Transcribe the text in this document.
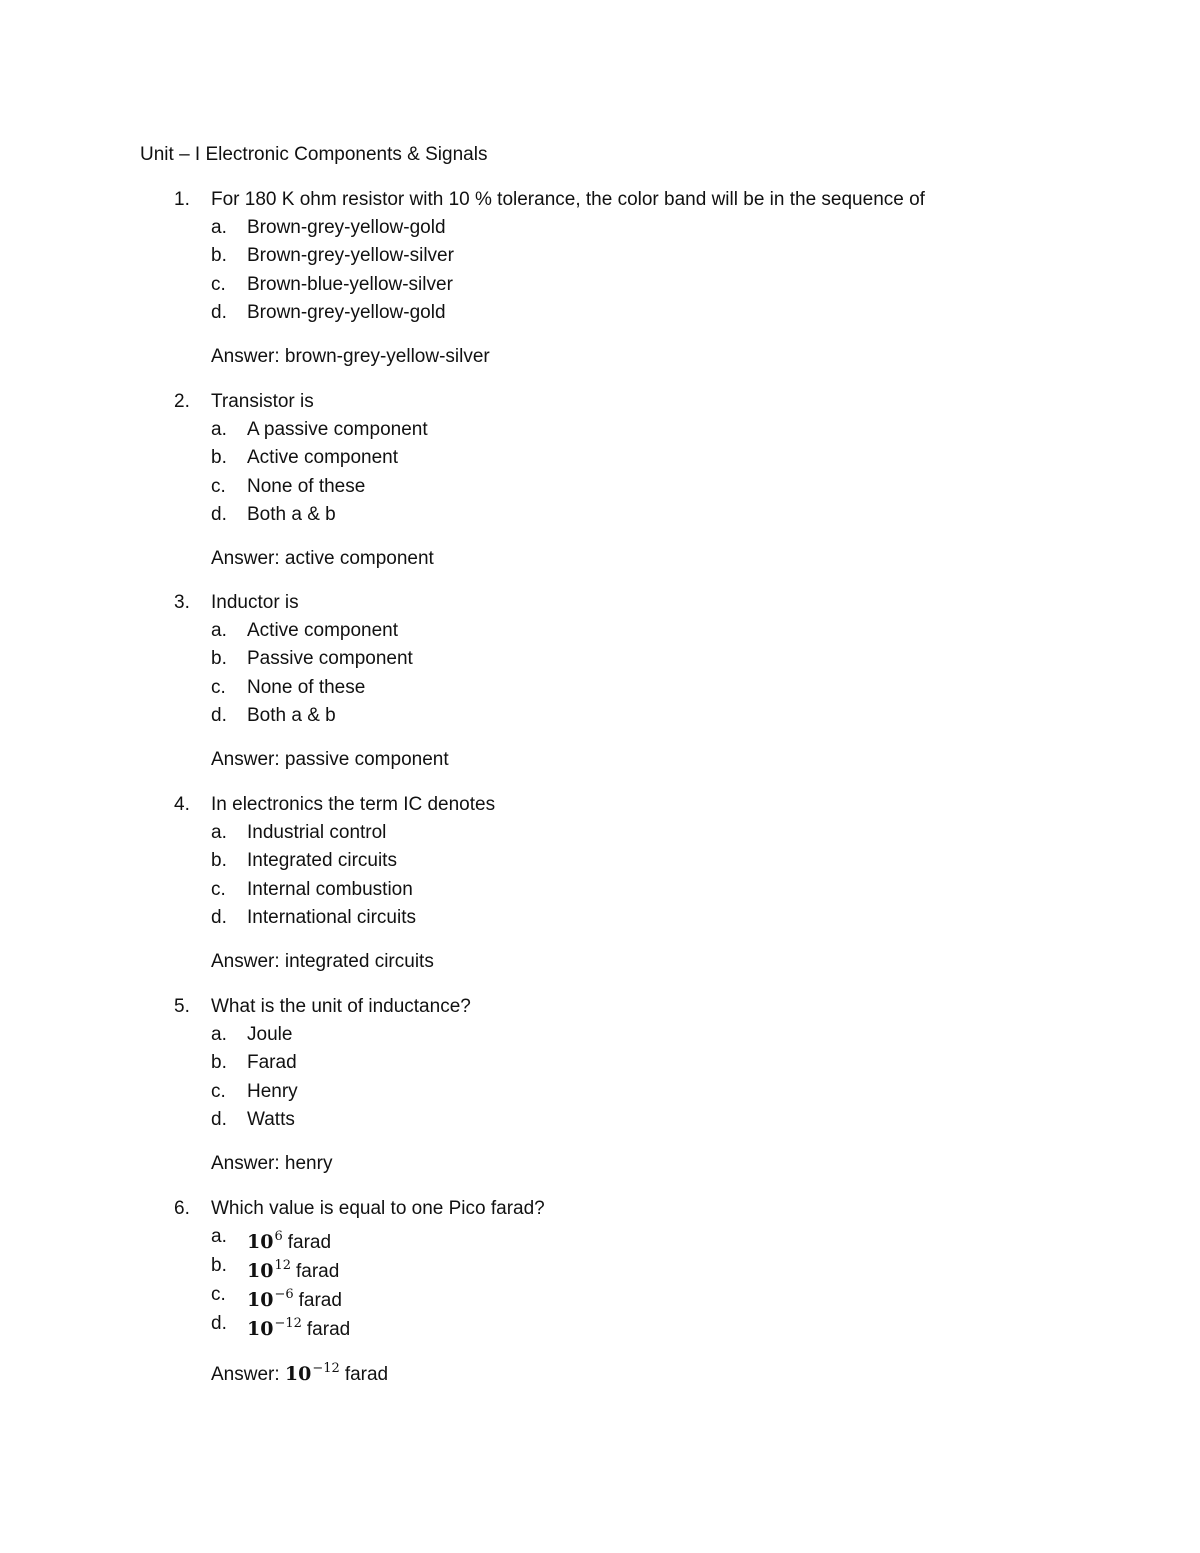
Unit – I Electronic Components & Signals
1. For 180 K ohm resistor with 10 % tolerance, the color band will be in the sequence of
a. Brown-grey-yellow-gold
b. Brown-grey-yellow-silver
c. Brown-blue-yellow-silver
d. Brown-grey-yellow-gold
Answer: brown-grey-yellow-silver
2. Transistor is
a. A passive component
b. Active component
c. None of these
d. Both a & b
Answer: active component
3. Inductor is
a. Active component
b. Passive component
c. None of these
d. Both a & b
Answer: passive component
4. In electronics the term IC denotes
a. Industrial control
b. Integrated circuits
c. Internal combustion
d. International circuits
Answer: integrated circuits
5. What is the unit of inductance?
a. Joule
b. Farad
c. Henry
d. Watts
Answer: henry
6. Which value is equal to one Pico farad?
a. $10^6$ farad
b. $10^{12}$ farad
c. $10^{-6}$ farad
d. $10^{-12}$ farad
Answer: $10^{-12}$ farad
